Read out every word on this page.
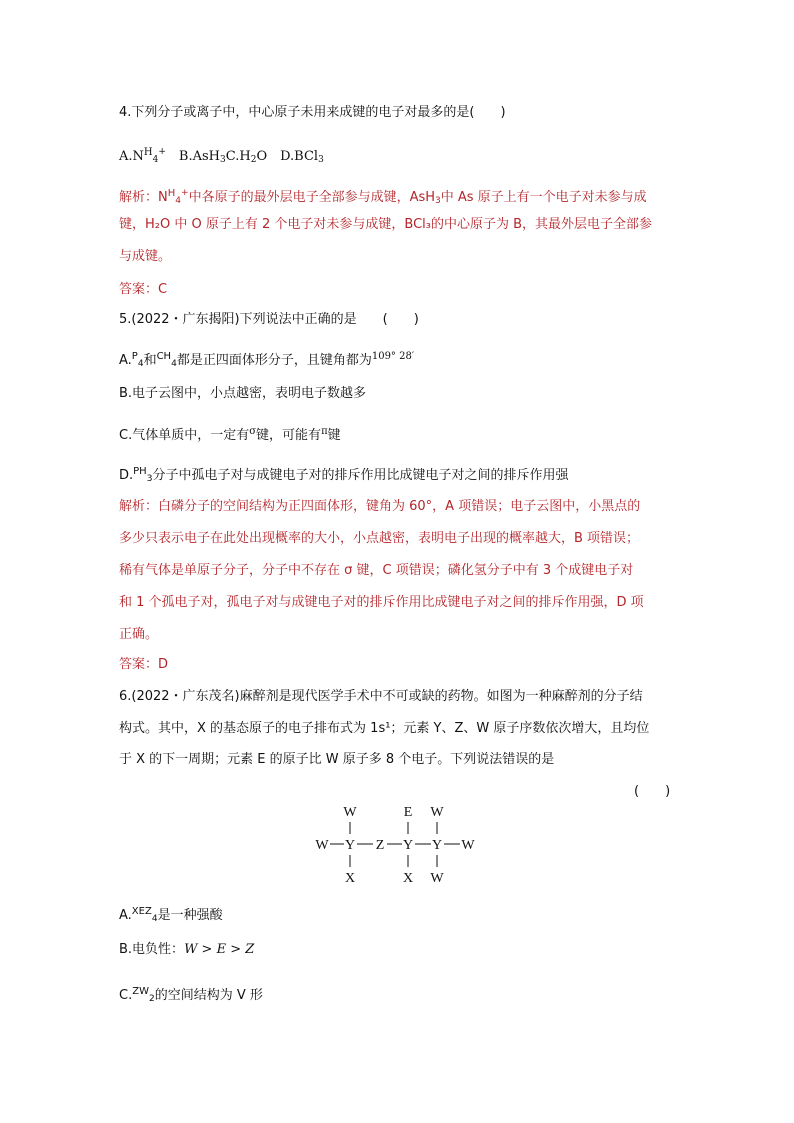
4.下列分子或离子中，中心原子未用来成键的电子对最多的是(　　)
$A.N^H_4^+$　$B.AsH_3C.H_2O$　D.BCl$_3$
解析：$N^H_4^+$中各原子的最外层电子全部参与成键，AsH$_3$中 As 原子上有一个电子对未参与成
键，H₂O 中 O 原子上有 2 个电子对未参与成键，BCl₃的中心原子为 B，其最外层电子全部参
与成键。
答案：C
5.(2022・广东揭阳)下列说法中正确的是　　(　　)
A.$^P_4$和$^{CH}_4$都是正四面体形分子，且键角都为$^{109^\circ 28'}$
B.电子云图中，小点越密，表明电子数越多
C.气体单质中，一定有$^\sigma$键，可能有$^\pi$键
D.$^{PH}_3$分子中孤电子对与成键电子对的排斥作用比成键电子对之间的排斥作用强
解析：白磷分子的空间结构为正四面体形，键角为 60°，A 项错误；电子云图中，小黑点的
多少只表示电子在此处出现概率的大小，小点越密，表明电子出现的概率越大，B 项错误；
稀有气体是单原子分子，分子中不存在 σ 键，C 项错误；磷化氢分子中有 3 个成键电子对
和 1 个孤电子对，孤电子对与成键电子对的排斥作用比成键电子对之间的排斥作用强，D 项
正确。
答案：D
6.(2022・广东茂名)麻醉剂是现代医学手术中不可或缺的药物。如图为一种麻醉剂的分子结
构式。其中，X 的基态原子的电子排布式为 1s¹；元素 Y、Z、W 原子序数依次增大，且均位
于 X 的下一周期；元素 E 的原子比 W 原子多 8 个电子。下列说法错误的是
(　　)
W	E W
W Y Z Y Y W
X	X W
A.$^{XEZ}_4$是一种强酸
B.电负性：W > E > Z
C.$^{ZW}_2$的空间结构为 V 形
